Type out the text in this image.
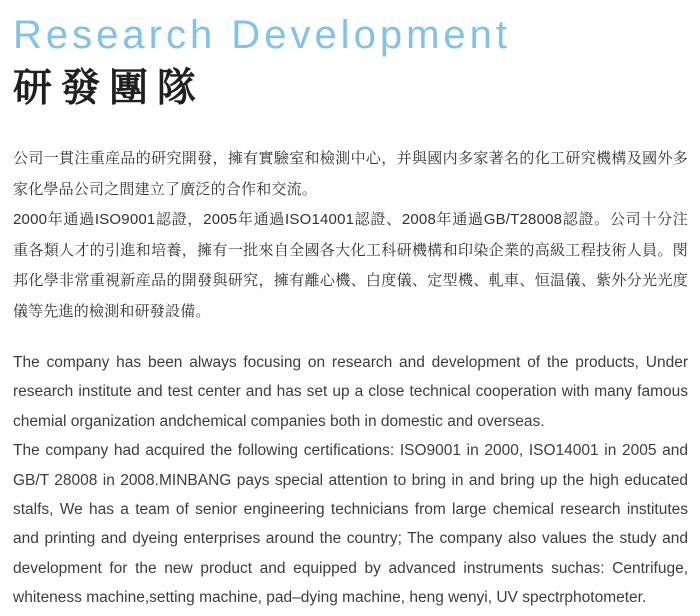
Research Development
研發團隊
公司一貫注重産品的研究開發，擁有實驗室和檢測中心，并與國内多家著名的化工研究機構及國外多
家化學品公司之間建立了廣泛的合作和交流。
2000年通過ISO9001認證，2005年通過ISO14001認證、2008年通過GB/T28008認證。公司十分注
重各類人才的引進和培養，擁有一批來自全國各大化工科研機構和印染企業的高級工程技術人員。閔
邦化學非常重視新産品的開發與研究，擁有離心機、白度儀、定型機、軋車、恒温儀、紫外分光光度
儀等先進的檢測和研發設備。
The company has been always focusing on research and development of the products, Under
research institute and test center and has set up a close technical cooperation with many famous
chemial organization andchemical companies both in domestic and overseas.
The company had acquired the following certifications: ISO9001 in 2000, ISO14001 in 2005 and
GB/T 28008 in 2008.MINBANG pays special attention to bring in and bring up the high educated
stalfs, We has a team of senior engineering technicians from large chemical research institutes
and printing and dyeing enterprises around the country; The company also values the study and
development for the new product and equipped by advanced instruments suchas: Centrifuge,
whiteness machine,setting machine, pad–dying machine, heng wenyi, UV spectrphotometer.
